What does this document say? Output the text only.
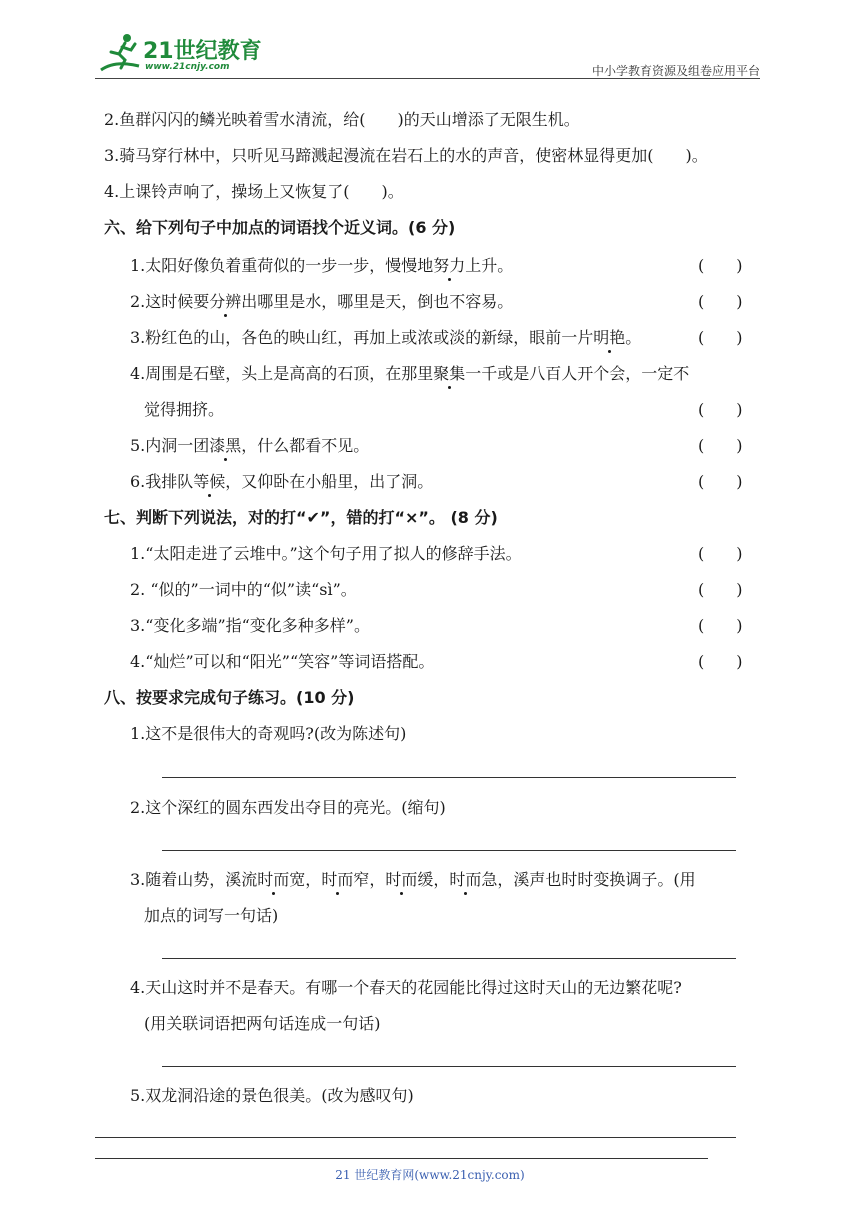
21世纪教育
www.21cnjy.com	中小学教育资源及组卷应用平台
2.鱼群闪闪的鳞光映着雪水清流，给(　　)的天山增添了无限生机。
3.骑马穿行林中，只听见马蹄溅起漫流在岩石上的水的声音，使密林显得更加(　　)。
4.上课铃声响了，操场上又恢复了(　　)。
六、给下列句子中加点的词语找个近义词。(6 分)
1.太阳好像负着重荷似的一步一步，慢慢地努力上升。	(　　)
2.这时候要分辨出哪里是水，哪里是天，倒也不容易。	(　　)
3.粉红色的山，各色的映山红，再加上或浓或淡的新绿，眼前一片明艳。	(　　)
4.周围是石壁，头上是高高的石顶，在那里聚集一千或是八百人开个会，一定不
觉得拥挤。	(　　)
5.内洞一团漆黑，什么都看不见。	(　　)
6.我排队等候，又仰卧在小船里，出了洞。	(　　)
七、判断下列说法，对的打“✔”，错的打“×”。 (8 分)
1.“太阳走进了云堆中。”这个句子用了拟人的修辞手法。	(　　)
2. “似的”一词中的“似”读“sì”。	(　　)
3.“变化多端”指“变化多种多样”。	(　　)
4.“灿烂”可以和“阳光”“笑容”等词语搭配。	(　　)
八、按要求完成句子练习。(10 分)
1.这不是很伟大的奇观吗?(改为陈述句)
2.这个深红的圆东西发出夺目的亮光。(缩句)
3.随着山势，溪流时而宽，时而窄，时而缓，时而急，溪声也时时变换调子。(用
加点的词写一句话)
4.天山这时并不是春天。有哪一个春天的花园能比得过这时天山的无边繁花呢?
(用关联词语把两句话连成一句话)
5.双龙洞沿途的景色很美。(改为感叹句)
21 世纪教育网(www.21cnjy.com)
